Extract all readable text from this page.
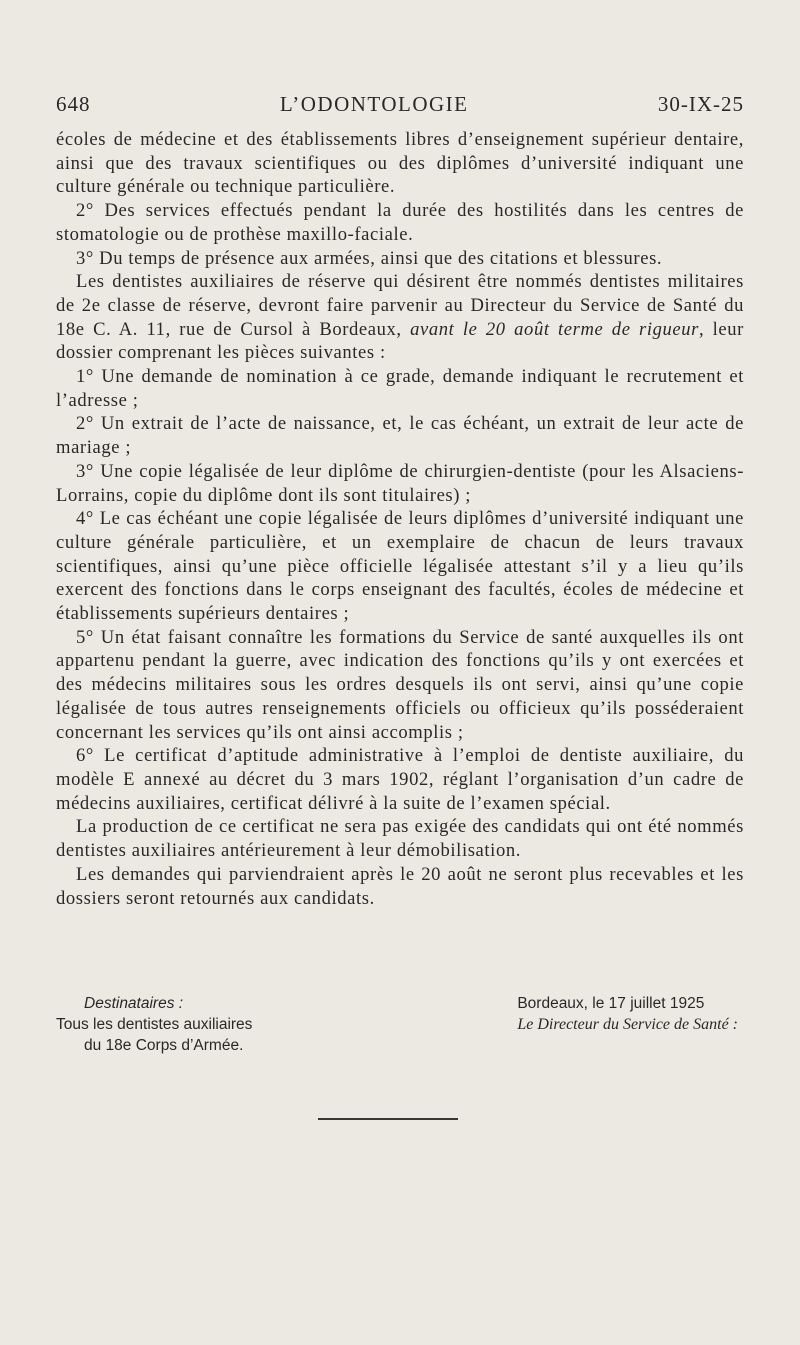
648	L’ODONTOLOGIE	30-IX-25

écoles de médecine et des établissements libres d’enseignement supérieur dentaire, ainsi que des travaux scientifiques ou des diplômes d’université indiquant une culture générale ou technique particulière.

2° Des services effectués pendant la durée des hostilités dans les centres de stomatologie ou de prothèse maxillo-faciale.

3° Du temps de présence aux armées, ainsi que des citations et blessures.

Les dentistes auxiliaires de réserve qui désirent être nommés dentistes militaires de 2e classe de réserve, devront faire parvenir au Directeur du Service de Santé du 18e C. A. 11, rue de Cursol à Bordeaux, avant le 20 août terme de rigueur, leur dossier comprenant les pièces suivantes :

1° Une demande de nomination à ce grade, demande indiquant le recrutement et l’adresse ;

2° Un extrait de l’acte de naissance, et, le cas échéant, un extrait de leur acte de mariage ;

3° Une copie légalisée de leur diplôme de chirurgien-dentiste (pour les Alsaciens-Lorrains, copie du diplôme dont ils sont titulaires) ;

4° Le cas échéant une copie légalisée de leurs diplômes d’université indiquant une culture générale particulière, et un exemplaire de chacun de leurs travaux scientifiques, ainsi qu’une pièce officielle légalisée attestant s’il y a lieu qu’ils exercent des fonctions dans le corps enseignant des facultés, écoles de médecine et établissements supérieurs dentaires ;

5° Un état faisant connaître les formations du Service de santé auxquelles ils ont appartenu pendant la guerre, avec indication des fonctions qu’ils y ont exercées et des médecins militaires sous les ordres desquels ils ont servi, ainsi qu’une copie légalisée de tous autres renseignements officiels ou officieux qu’ils posséderaient concernant les services qu’ils ont ainsi accomplis ;

6° Le certificat d’aptitude administrative à l’emploi de dentiste auxiliaire, du modèle E annexé au décret du 3 mars 1902, réglant l’organisation d’un cadre de médecins auxiliaires, certificat délivré à la suite de l’examen spécial.

La production de ce certificat ne sera pas exigée des candidats qui ont été nommés dentistes auxiliaires antérieurement à leur démobilisation.

Les demandes qui parviendraient après le 20 août ne seront plus recevables et les dossiers seront retournés aux candidats.

Destinataires :
Tous les dentistes auxiliaires
du 18e Corps d’Armée.
Bordeaux, le 17 juillet 1925
Le Directeur du Service de Santé :
